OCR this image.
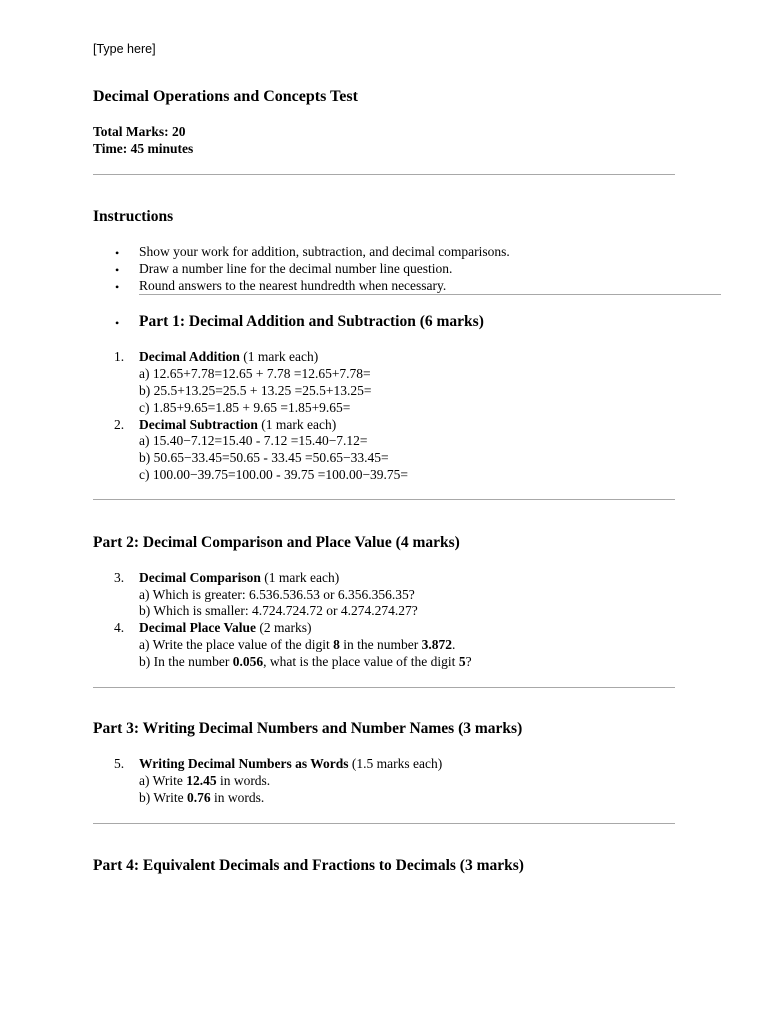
[Type here]
Decimal Operations and Concepts Test
Total Marks: 20
Time: 45 minutes
Instructions
• Show your work for addition, subtraction, and decimal comparisons.
• Draw a number line for the decimal number line question.
• Round answers to the nearest hundredth when necessary.
• Part 1: Decimal Addition and Subtraction (6 marks)
1. Decimal Addition (1 mark each)
a) 12.65+7.78=12.65 + 7.78 =12.65+7.78=
b) 25.5+13.25=25.5 + 13.25 =25.5+13.25=
c) 1.85+9.65=1.85 + 9.65 =1.85+9.65=
2. Decimal Subtraction (1 mark each)
a) 15.40−7.12=15.40 - 7.12 =15.40−7.12=
b) 50.65−33.45=50.65 - 33.45 =50.65−33.45=
c) 100.00−39.75=100.00 - 39.75 =100.00−39.75=
Part 2: Decimal Comparison and Place Value (4 marks)
3. Decimal Comparison (1 mark each)
a) Which is greater: 6.536.536.53 or 6.356.356.35?
b) Which is smaller: 4.724.724.72 or 4.274.274.27?
4. Decimal Place Value (2 marks)
a) Write the place value of the digit 8 in the number 3.872.
b) In the number 0.056, what is the place value of the digit 5?
Part 3: Writing Decimal Numbers and Number Names (3 marks)
5. Writing Decimal Numbers as Words (1.5 marks each)
a) Write 12.45 in words.
b) Write 0.76 in words.
Part 4: Equivalent Decimals and Fractions to Decimals (3 marks)
